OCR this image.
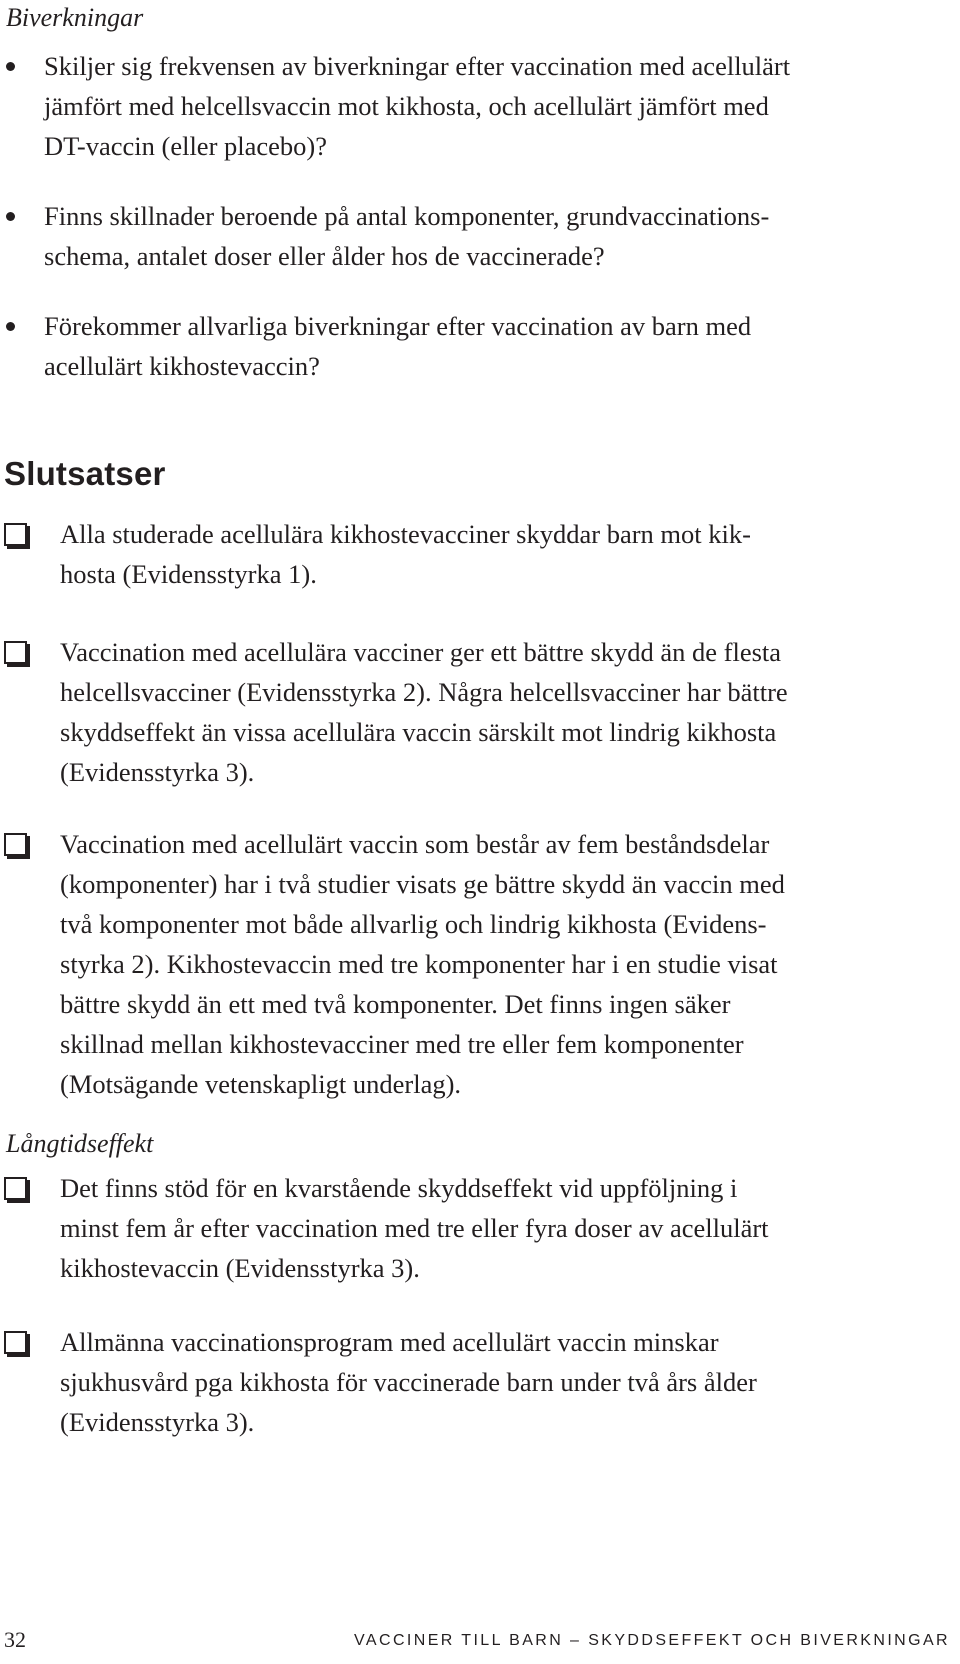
Biverkningar

Skiljer sig frekvensen av biverkningar efter vaccination med acellulärt
jämfört med helcellsvaccin mot kikhosta, och acellulärt jämfört med
DT-vaccin (eller placebo)?

Finns skillnader beroende på antal komponenter, grundvaccinations-
schema, antalet doser eller ålder hos de vaccinerade?

Förekommer allvarliga biverkningar efter vaccination av barn med
acellulärt kikhostevaccin?

Slutsatser

Alla studerade acellulära kikhostevacciner skyddar barn mot kik-
hosta (Evidensstyrka 1).

Vaccination med acellulära vacciner ger ett bättre skydd än de flesta
helcellsvacciner (Evidensstyrka 2). Några helcellsvacciner har bättre
skyddseffekt än vissa acellulära vaccin särskilt mot lindrig kikhosta
(Evidensstyrka 3).

Vaccination med acellulärt vaccin som består av fem beståndsdelar
(komponenter) har i två studier visats ge bättre skydd än vaccin med
två komponenter mot både allvarlig och lindrig kikhosta (Evidens-
styrka 2). Kikhostevaccin med tre komponenter har i en studie visat
bättre skydd än ett med två komponenter. Det finns ingen säker
skillnad mellan kikhostevacciner med tre eller fem komponenter
(Motsägande vetenskapligt underlag).

Långtidseffekt

Det finns stöd för en kvarstående skyddseffekt vid uppföljning i
minst fem år efter vaccination med tre eller fyra doser av acellulärt
kikhostevaccin (Evidensstyrka 3).

Allmänna vaccinationsprogram med acellulärt vaccin minskar
sjukhusvård pga kikhosta för vaccinerade barn under två års ålder
(Evidensstyrka 3).

32	VACCINER TILL BARN – SKYDDSEFFEKT OCH BIVERKNINGAR
